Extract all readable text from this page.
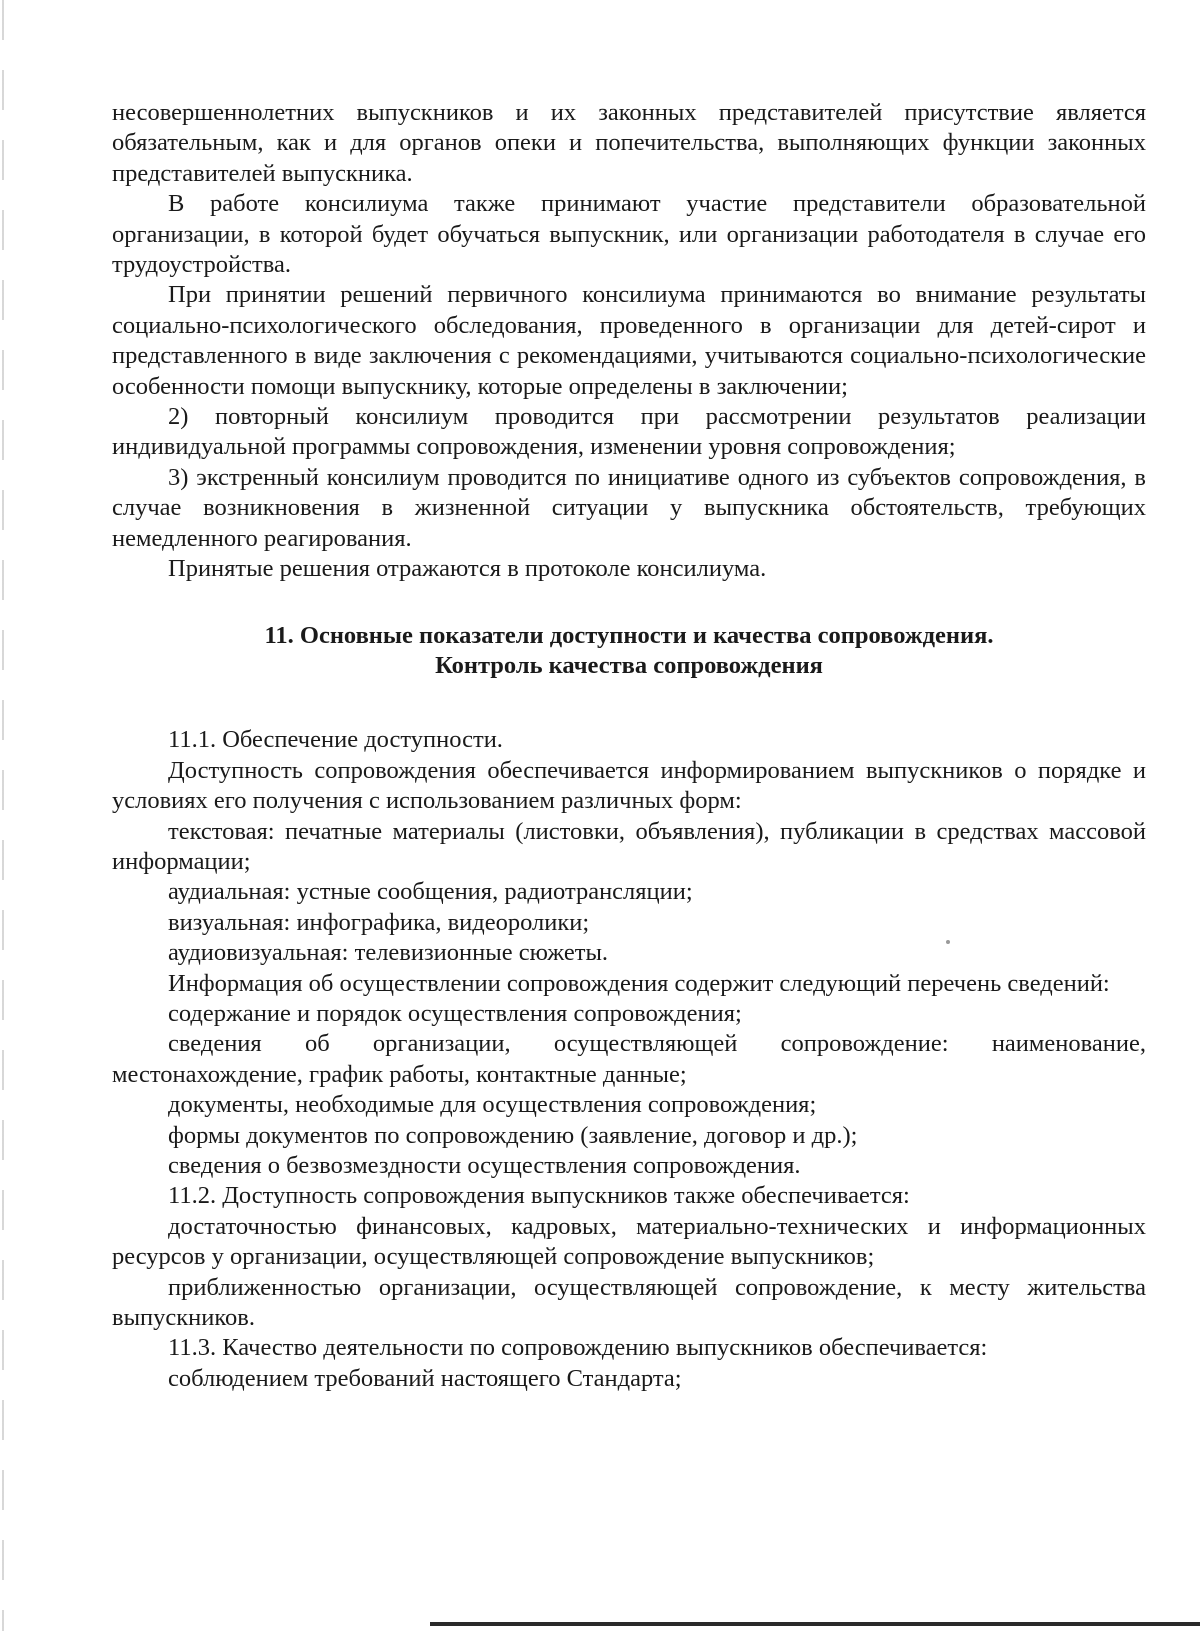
несовершеннолетних выпускников и их законных представителей присутствие является обязательным, как и для органов опеки и попечительства, выполняющих функции законных представителей выпускника.

В работе консилиума также принимают участие представители образовательной организации, в которой будет обучаться выпускник, или организации работодателя в случае его трудоустройства.

При принятии решений первичного консилиума принимаются во внимание результаты социально-психологического обследования, проведенного в организации для детей-сирот и представленного в виде заключения с рекомендациями, учитываются социально-психологические особенности помощи выпускнику, которые определены в заключении;

2) повторный консилиум проводится при рассмотрении результатов реализации индивидуальной программы сопровождения, изменении уровня сопровождения;

3) экстренный консилиум проводится по инициативе одного из субъектов сопровождения, в случае возникновения в жизненной ситуации у выпускника обстоятельств, требующих немедленного реагирования.

Принятые решения отражаются в протоколе консилиума.

11. Основные показатели доступности и качества сопровождения.
Контроль качества сопровождения

11.1. Обеспечение доступности.

Доступность сопровождения обеспечивается информированием выпускников о порядке и условиях его получения с использованием различных форм:

текстовая: печатные материалы (листовки, объявления), публикации в средствах массовой информации;

аудиальная: устные сообщения, радиотрансляции;

визуальная: инфографика, видеоролики;

аудиовизуальная: телевизионные сюжеты.

Информация об осуществлении сопровождения содержит следующий перечень сведений:

содержание и порядок осуществления сопровождения;

сведения об организации, осуществляющей сопровождение: наименование, местонахождение, график работы, контактные данные;

документы, необходимые для осуществления сопровождения;

формы документов по сопровождению (заявление, договор и др.);

сведения о безвозмездности осуществления сопровождения.

11.2. Доступность сопровождения выпускников также обеспечивается:

достаточностью финансовых, кадровых, материально-технических и информационных ресурсов у организации, осуществляющей сопровождение выпускников;

приближенностью организации, осуществляющей сопровождение, к месту жительства выпускников.

11.3. Качество деятельности по сопровождению выпускников обеспечивается:

соблюдением требований настоящего Стандарта;
